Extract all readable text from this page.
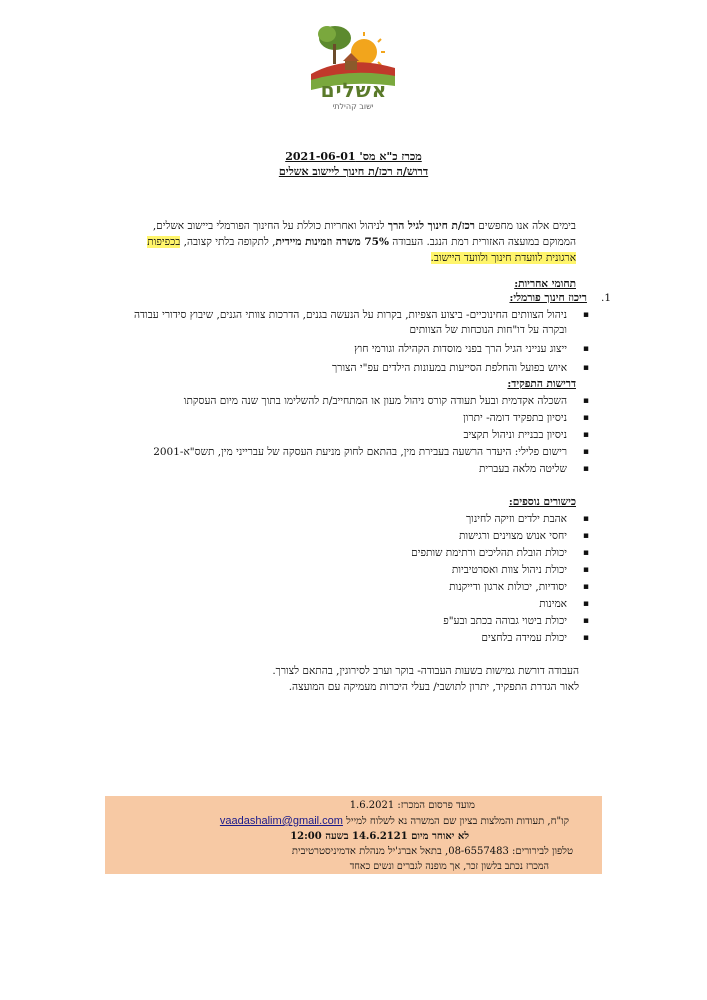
אשלים
ישוב קהילתי
מכרז כ"א מס' 2021-06-01
דרוש/ה רכז/ת חינוך ליישוב אשלים
בימים אלה אנו מחפשים רכז/ת חינוך לגיל הרך לניהול ואחריות כוללת על החינוך הפורמלי ביישוב אשלים, הממוקם במועצה האזורית רמת הנגב. העבודה 75% משרה וזמינות מיידית, לתקופה בלתי קצובה, בכפיפות ארגונית לוועדת חינוך ולוועד היישוב.
תחומי אחריות:
1.ריכוז חינוך פורמלי:
▪ ניהול הצוותים החינוכיים- ביצוע הצפיות, בקרות על הנעשה בגנים, הדרכות צוותי הגנים, שיבוץ סידורי עבודה ובקרה על דו"חות הנוכחות של הצוותים
▪ ייצוג ענייני הגיל הרך בפני מוסדות הקהילה וגורמי חוץ
▪ איוש בפועל והחלפת הסייעות במעונות הילדים עפ"י הצורך
דרישות התפקיד:
▪ השכלה אקדמית ובעל תעודה קורס ניהול מעון או המתחייב/ת להשלימו בתוך שנה מיום העסקתו
▪ ניסיון בתפקיד דומה- יתרון
▪ ניסיון בבניית וניהול תקציב
▪ רישום פלילי: היעדר הרשעה בעבירת מין, בהתאם לחוק מניעת העסקה של עברייני מין, תשס"א-2001
▪ שליטה מלאה בעברית
כישורים נוספים:
▪ אהבת ילדים וזיקה לחינוך
▪ יחסי אנוש מצוינים ורגישות
▪ יכולת הובלת תהליכים ורתימת שותפים
▪ יכולת ניהול צוות ואסרטיביות
▪ יסודיות, יכולות ארגון ודייקנות
▪ אמינות
▪ יכולת ביטוי גבוהה בכתב ובע"פ
▪ יכולת עמידה בלחצים
העבודה דורשת גמישות בשעות העבודה- בוקר וערב לסירוגין, בהתאם לצורך.
לאור הגדרת התפקיד, יתרון לתושבי/ בעלי היכרות מעמיקה עם המועצה.
מועד פרסום המכרז: 1.6.2021
קו"ח, תעודות והמלצות בציון שם המשרה נא לשלוח למייל vaadashalim@gmail.com
לא יאוחר מיום 14.6.2121 בשעה 12:00
טלפון לבירורים: 08-6557483, בתאל אברג'יל מנהלת אדמיניסטרטיבית
המכרז נכתב בלשון זכר, אך מופנה לגברים ונשים כאחד
